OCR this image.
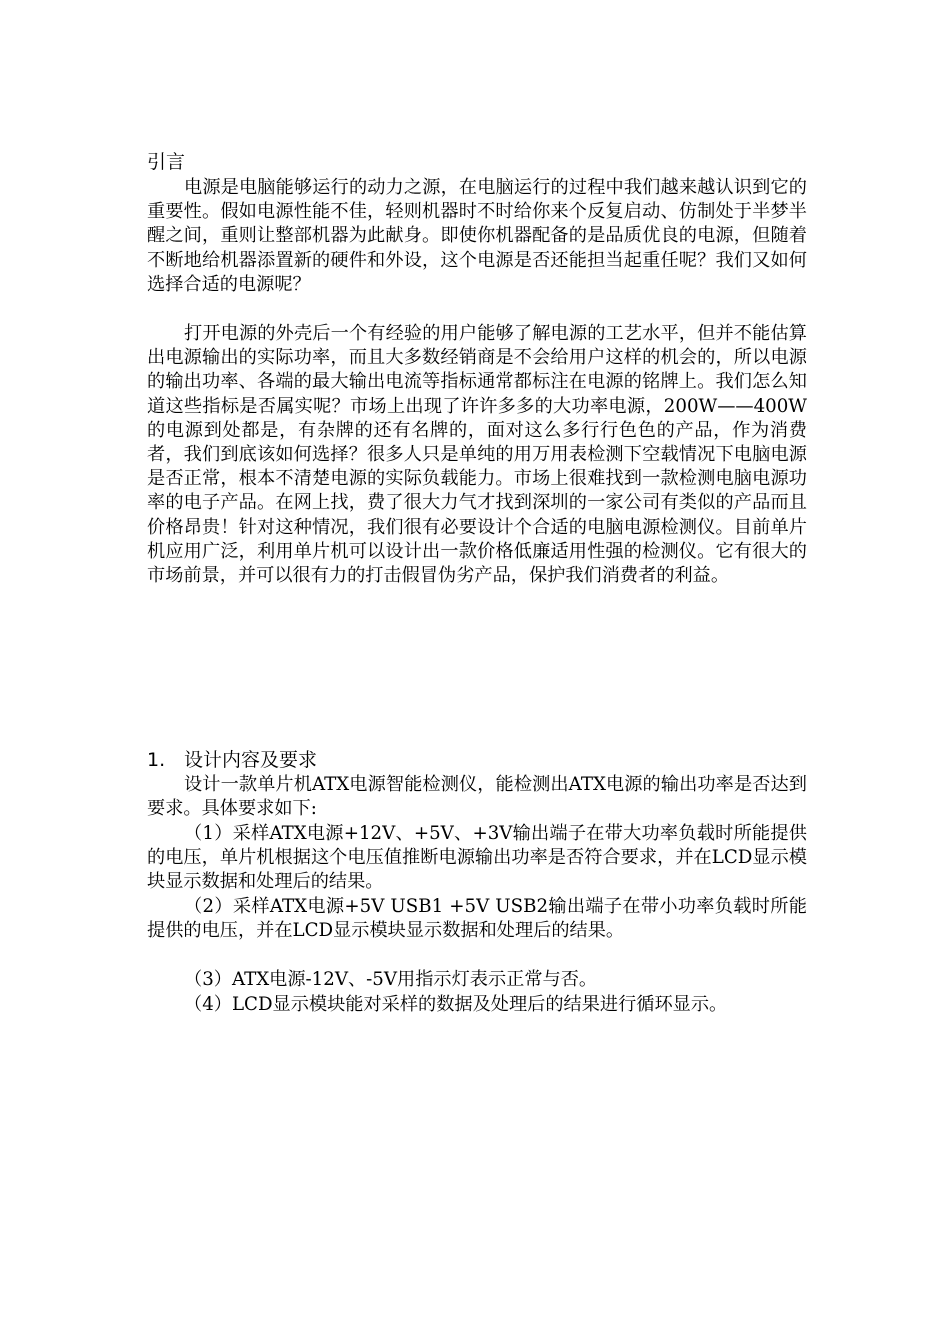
引言

电源是电脑能够运行的动力之源，在电脑运行的过程中我们越来越认识到它的重要性。假如电源性能不佳，轻则机器时不时给你来个反复启动、仿制处于半梦半醒之间，重则让整部机器为此献身。即使你机器配备的是品质优良的电源，但随着不断地给机器添置新的硬件和外设，这个电源是否还能担当起重任呢？我们又如何选择合适的电源呢？

打开电源的外壳后一个有经验的用户能够了解电源的工艺水平，但并不能估算出电源输出的实际功率，而且大多数经销商是不会给用户这样的机会的，所以电源的输出功率、各端的最大输出电流等指标通常都标注在电源的铭牌上。我们怎么知道这些指标是否属实呢？市场上出现了许许多多的大功率电源，200W——400W的电源到处都是，有杂牌的还有名牌的，面对这么多行行色色的产品，作为消费者，我们到底该如何选择？很多人只是单纯的用万用表检测下空载情况下电脑电源是否正常，根本不清楚电源的实际负载能力。市场上很难找到一款检测电脑电源功率的电子产品。在网上找，费了很大力气才找到深圳的一家公司有类似的产品而且价格昂贵！针对这种情况，我们很有必要设计个合适的电脑电源检测仪。目前单片机应用广泛，利用单片机可以设计出一款价格低廉适用性强的检测仪。它有很大的市场前景，并可以很有力的打击假冒伪劣产品，保护我们消费者的利益。

1. 设计内容及要求

设计一款单片机ATX电源智能检测仪，能检测出ATX电源的输出功率是否达到要求。具体要求如下:

（1）采样ATX电源+12V、+5V、+3V输出端子在带大功率负载时所能提供的电压，单片机根据这个电压值推断电源输出功率是否符合要求，并在LCD显示模块显示数据和处理后的结果。

（2）采样ATX电源+5V USB1 +5V USB2输出端子在带小功率负载时所能提供的电压，并在LCD显示模块显示数据和处理后的结果。

（3）ATX电源-12V、-5V用指示灯表示正常与否。

（4）LCD显示模块能对采样的数据及处理后的结果进行循环显示。
